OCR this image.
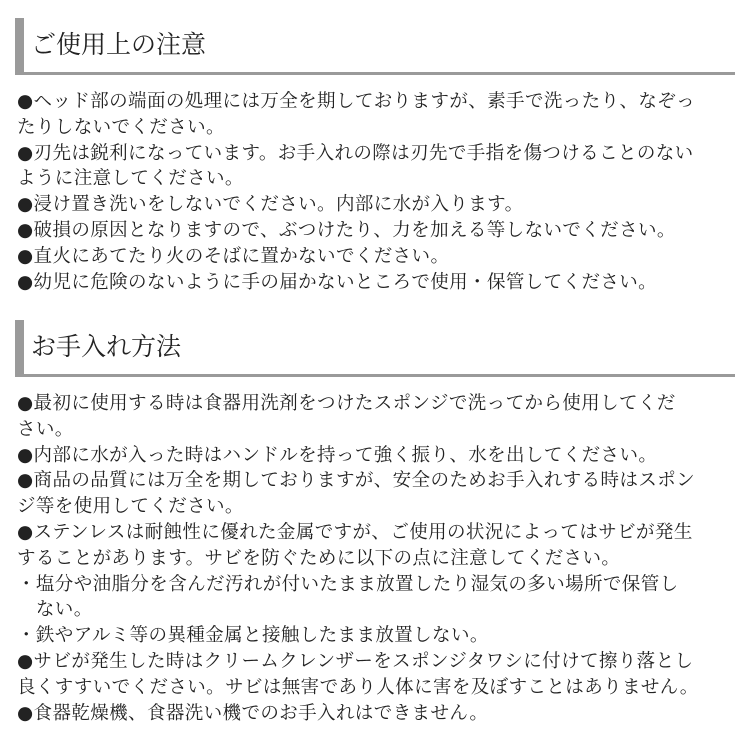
ご使用上の注意
●ヘッド部の端面の処理には万全を期しておりますが、素手で洗ったり、なぞっ
たりしないでください。
●刃先は鋭利になっています。お手入れの際は刃先で手指を傷つけることのない
ように注意してください。
●浸け置き洗いをしないでください。内部に水が入ります。
●破損の原因となりますので、ぶつけたり、力を加える等しないでください。
●直火にあてたり火のそばに置かないでください。
●幼児に危険のないように手の届かないところで使用・保管してください。
お手入れ方法
●最初に使用する時は食器用洗剤をつけたスポンジで洗ってから使用してくだ
さい。
●内部に水が入った時はハンドルを持って強く振り、水を出してください。
●商品の品質には万全を期しておりますが、安全のためお手入れする時はスポン
ジ等を使用してください。
●ステンレスは耐蝕性に優れた金属ですが、ご使用の状況によってはサビが発生
することがあります。サビを防ぐために以下の点に注意してください。
・塩分や油脂分を含んだ汚れが付いたまま放置したり湿気の多い場所で保管し
　ない。
・鉄やアルミ等の異種金属と接触したまま放置しない。
●サビが発生した時はクリームクレンザーをスポンジタワシに付けて擦り落とし
良くすすいでください。サビは無害であり人体に害を及ぼすことはありません。
●食器乾燥機、食器洗い機でのお手入れはできません。
